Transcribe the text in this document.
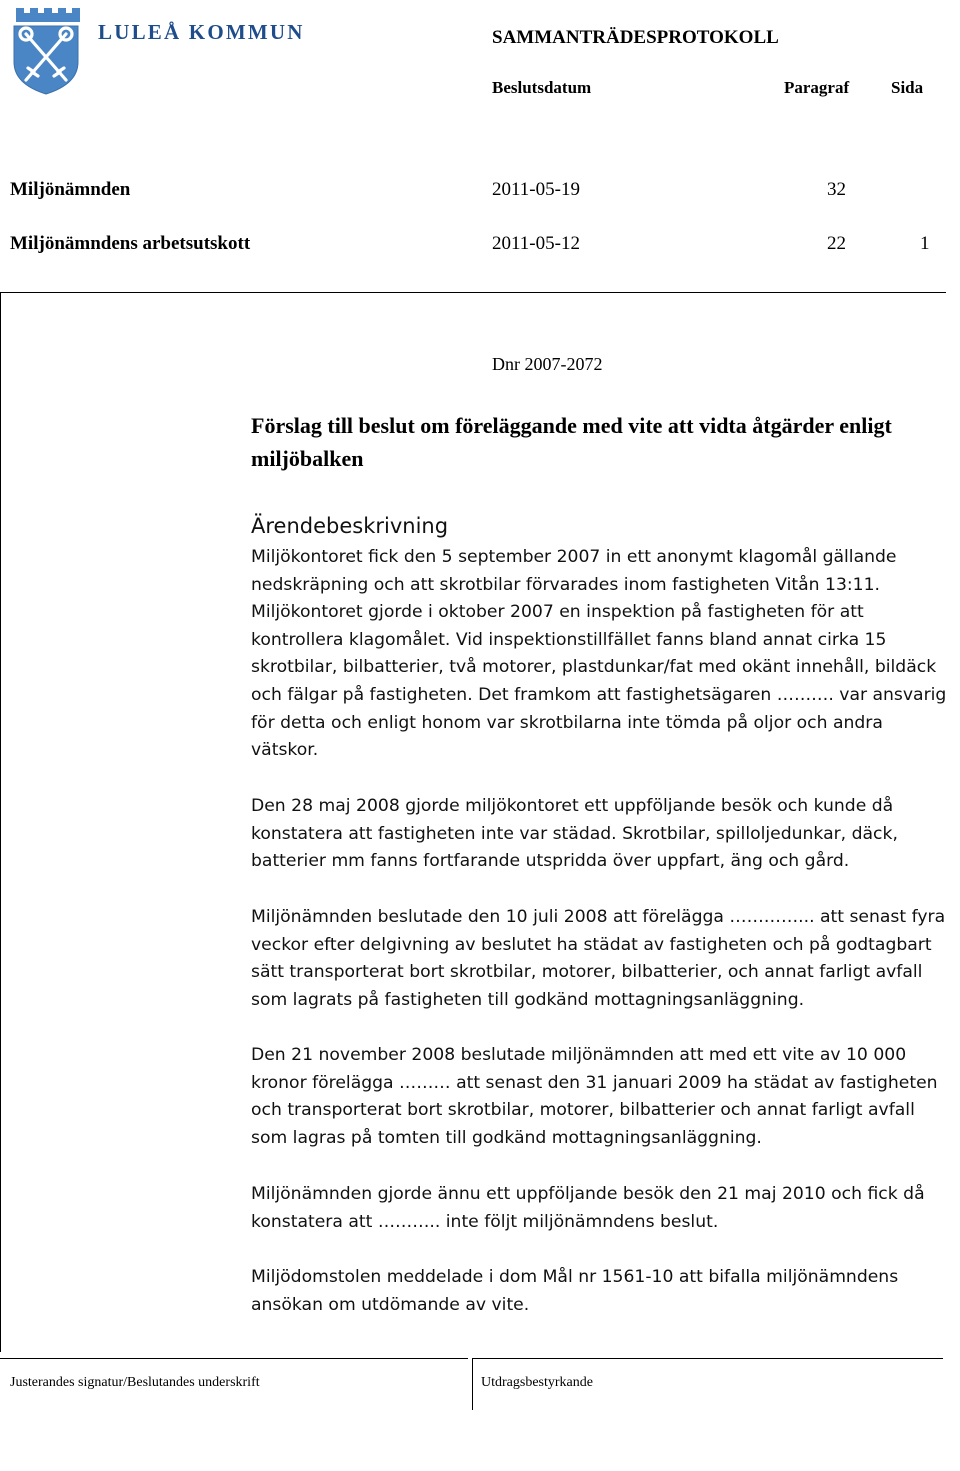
LULEÅ KOMMUN	SAMMANTRÄDESPROTOKOLL
Beslutsdatum	Paragraf Sida
Miljönämnden	2011-05-19	32
Miljönämndens arbetsutskott	2011-05-12	22	1
Dnr 2007-2072
Förslag till beslut om föreläggande med vite att vidta åtgärder enligt miljöbalken
Ärendebeskrivning
Miljökontoret fick den 5 september 2007 in ett anonymt klagomål gällande nedskräpning och att skrotbilar förvarades inom fastigheten Vitån 13:11. Miljökontoret gjorde i oktober 2007 en inspektion på fastigheten för att kontrollera klagomålet. Vid inspektionstillfället fanns bland annat cirka 15 skrotbilar, bilbatterier, två motorer, plastdunkar/fat med okänt innehåll, bildäck och fälgar på fastigheten. Det framkom att fastighetsägaren ………. var ansvarig för detta och enligt honom var skrotbilarna inte tömda på oljor och andra vätskor.
Den 28 maj 2008 gjorde miljökontoret ett uppföljande besök och kunde då konstatera att fastigheten inte var städad. Skrotbilar, spilloljedunkar, däck, batterier mm fanns fortfarande utspridda över uppfart, äng och gård.
Miljönämnden beslutade den 10 juli 2008 att förelägga …………... att senast fyra veckor efter delgivning av beslutet ha städat av fastigheten och på godtagbart sätt transporterat bort skrotbilar, motorer, bilbatterier, och annat farligt avfall som lagrats på fastigheten till godkänd mottagningsanläggning.
Den 21 november 2008 beslutade miljönämnden att med ett vite av 10 000 kronor förelägga ……… att senast den 31 januari 2009 ha städat av fastigheten och transporterat bort skrotbilar, motorer, bilbatterier och annat farligt avfall som lagras på tomten till godkänd mottagningsanläggning.
Miljönämnden gjorde ännu ett uppföljande besök den 21 maj 2010 och fick då konstatera att ……….. inte följt miljönämndens beslut.
Miljödomstolen meddelade i dom Mål nr 1561-10 att bifalla miljönämndens ansökan om utdömande av vite.
Justerandes signatur/Beslutandes underskrift	Utdragsbestyrkande
